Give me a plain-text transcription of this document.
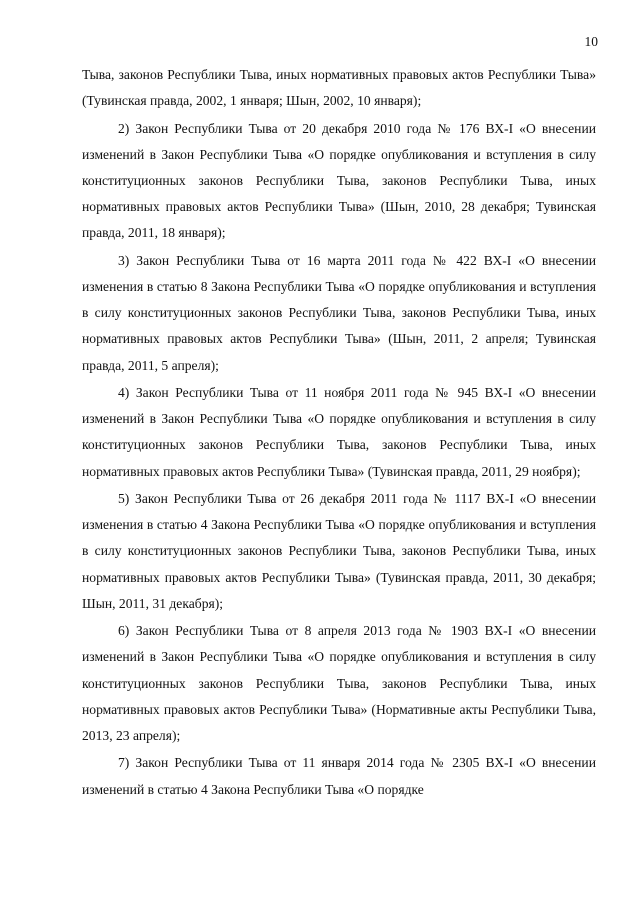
10

Тыва, законов Республики Тыва, иных нормативных правовых актов Республики Тыва» (Тувинская правда, 2002, 1 января; Шын, 2002, 10 января);

2) Закон Республики Тыва от 20 декабря 2010 года № 176 ВХ-I «О внесении изменений в Закон Республики Тыва «О порядке опубликования и вступления в силу конституционных законов Республики Тыва, законов Республики Тыва, иных нормативных правовых актов Республики Тыва» (Шын, 2010, 28 декабря; Тувинская правда, 2011, 18 января);

3) Закон Республики Тыва от 16 марта 2011 года № 422 ВХ-I «О внесении изменения в статью 8 Закона Республики Тыва «О порядке опубликования и вступления в силу конституционных законов Республики Тыва, законов Республики Тыва, иных нормативных правовых актов Республики Тыва» (Шын, 2011, 2 апреля; Тувинская правда, 2011, 5 апреля);

4) Закон Республики Тыва от 11 ноября 2011 года № 945 ВХ-I «О внесении изменений в Закон Республики Тыва «О порядке опубликования и вступления в силу конституционных законов Республики Тыва, законов Республики Тыва, иных нормативных правовых актов Республики Тыва» (Тувинская правда, 2011, 29 ноября);

5) Закон Республики Тыва от 26 декабря 2011 года № 1117 ВХ-I «О внесении изменения в статью 4 Закона Республики Тыва «О порядке опубликования и вступления в силу конституционных законов Республики Тыва, законов Республики Тыва, иных нормативных правовых актов Республики Тыва» (Тувинская правда, 2011, 30 декабря; Шын, 2011, 31 декабря);

6) Закон Республики Тыва от 8 апреля 2013 года № 1903 ВХ-I «О внесении изменений в Закон Республики Тыва «О порядке опубликования и вступления в силу конституционных законов Республики Тыва, законов Республики Тыва, иных нормативных правовых актов Республики Тыва» (Нормативные акты Республики Тыва, 2013, 23 апреля);

7) Закон Республики Тыва от 11 января 2014 года № 2305 ВХ-I «О внесении изменений в статью 4 Закона Республики Тыва «О порядке
